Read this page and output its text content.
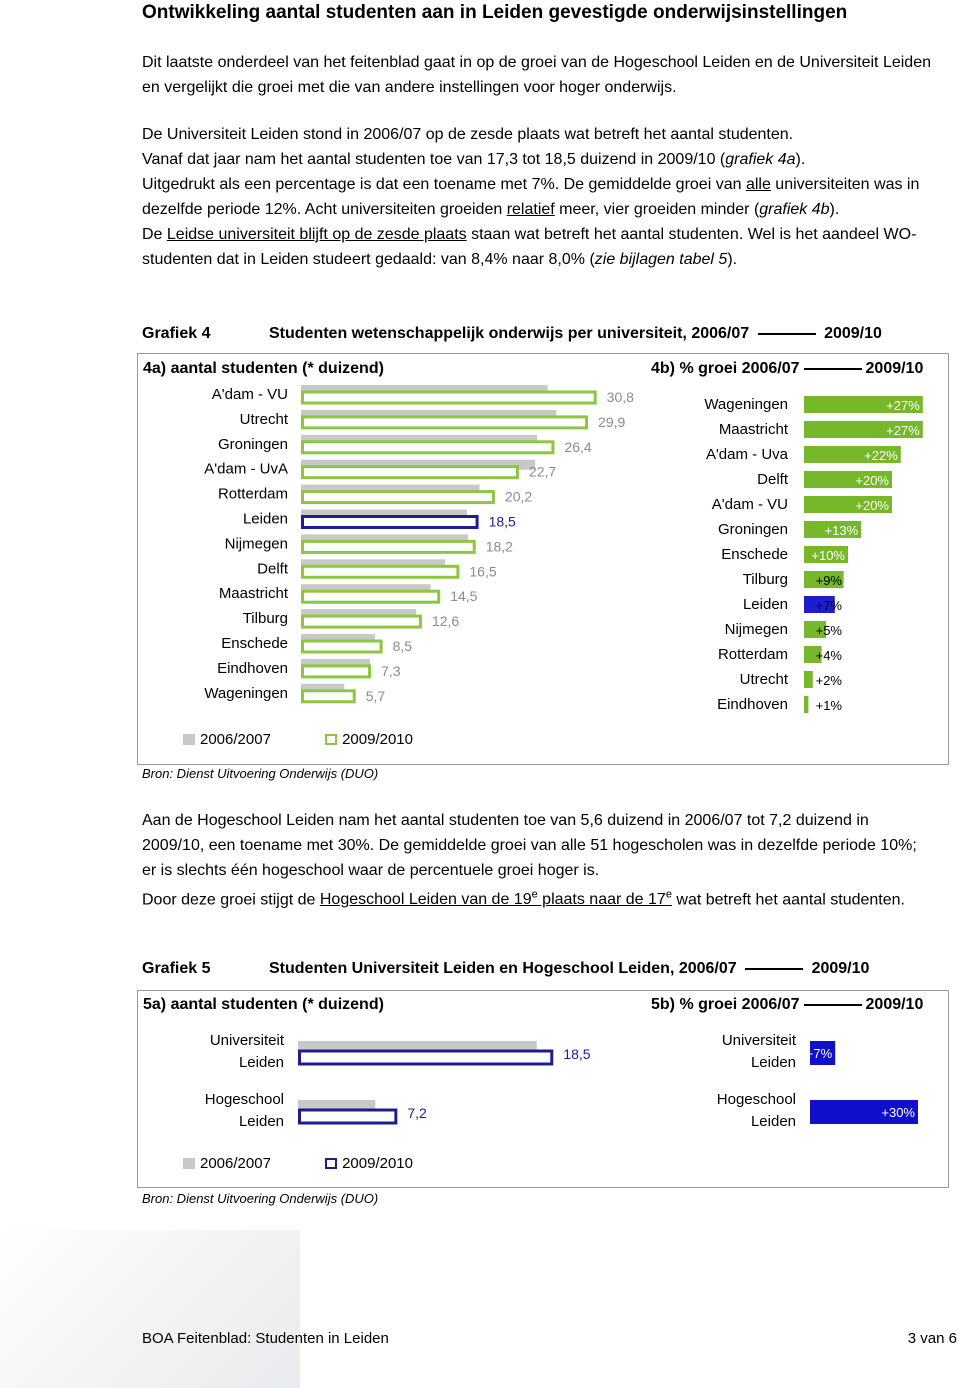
Ontwikkeling aantal studenten aan in Leiden gevestigde onderwijsinstellingen

Dit laatste onderdeel van het feitenblad gaat in op de groei van de Hogeschool Leiden en de Universiteit Leiden en vergelijkt die groei met die van andere instellingen voor hoger onderwijs.

De Universiteit Leiden stond in 2006/07 op de zesde plaats wat betreft het aantal studenten.
Vanaf dat jaar nam het aantal studenten toe van 17,3 tot 18,5 duizend in 2009/10 (grafiek 4a).
Uitgedrukt als een percentage is dat een toename met 7%. De gemiddelde groei van alle universiteiten was in dezelfde periode 12%. Acht universiteiten groeiden relatief meer, vier groeiden minder (grafiek 4b).
De Leidse universiteit blijft op de zesde plaats staan wat betreft het aantal studenten. Wel is het aandeel WO-studenten dat in Leiden studeert gedaald: van 8,4% naar 8,0% (zie bijlagen tabel 5).

Grafiek 4	Studenten wetenschappelijk onderwijs per universiteit, 2006/07	2009/10
4a) aantal studenten (* duizend)	4b) % groei 2006/07	2009/10
A'dam - VU	30,8
Utrecht	29,9
Groningen	26,4
A'dam - UvA	22,7
Rotterdam	20,2
Leiden	18,5
Nijmegen	18,2
Delft	16,5
Maastricht	14,5
Tilburg	12,6
Enschede	8,5
Eindhoven	7,3
Wageningen	5,7
Wageningen	+27%
Maastricht	+27%
A'dam - Uva	+22%
Delft	+20%
A'dam - VU	+20%
Groningen	+13%
Enschede +10%
Tilburg +9%
Leiden +7%
Nijmegen +5%
Rotterdam +4%
Utrecht +2%
Eindhoven +1%
2006/2007	2009/2010
Bron: Dienst Uitvoering Onderwijs (DUO)

Aan de Hogeschool Leiden nam het aantal studenten toe van 5,6 duizend in 2006/07 tot 7,2 duizend in 2009/10, een toename met 30%. De gemiddelde groei van alle 51 hogescholen was in dezelfde periode 10%; er is slechts één hogeschool waar de percentuele groei hoger is.
Door deze groei stijgt de Hogeschool Leiden van de 19e plaats naar de 17e wat betreft het aantal studenten.

Grafiek 5	Studenten Universiteit Leiden en Hogeschool Leiden, 2006/07	2009/10
5a) aantal studenten (* duizend)	5b) % groei 2006/07	2009/10
Universiteit
Leiden	18,5
Hogeschool
Leiden	7,2
Universiteit
Leiden
+7%
Hogeschool
Leiden
+30%
2006/2007	2009/2010
Bron: Dienst Uitvoering Onderwijs (DUO)
BOA Feitenblad: Studenten in Leiden	3 van 6
